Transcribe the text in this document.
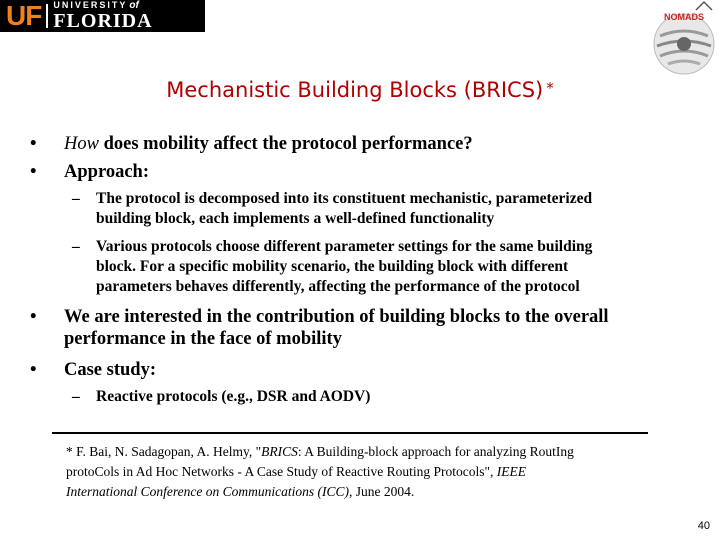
UF UNIVERSITY of
FLORIDA	NOMADS
Mechanistic Building Blocks (BRICS) *
• How does mobility affect the protocol performance?
• Approach:
– The protocol is decomposed into its constituent mechanistic, parameterized
building block, each implements a well-defined functionality
– Various protocols choose different parameter settings for the same building
block. For a specific mobility scenario, the building block with different
parameters behaves differently, affecting the performance of the protocol
• We are interested in the contribution of building blocks to the overall
performance in the face of mobility
• Case study:
– Reactive protocols (e.g., DSR and AODV)
* F. Bai, N. Sadagopan, A. Helmy, "BRICS: A Building-block approach for analyzing RoutIng
protoCols in Ad Hoc Networks - A Case Study of Reactive Routing Protocols", IEEE
International Conference on Communications (ICC), June 2004.
40
